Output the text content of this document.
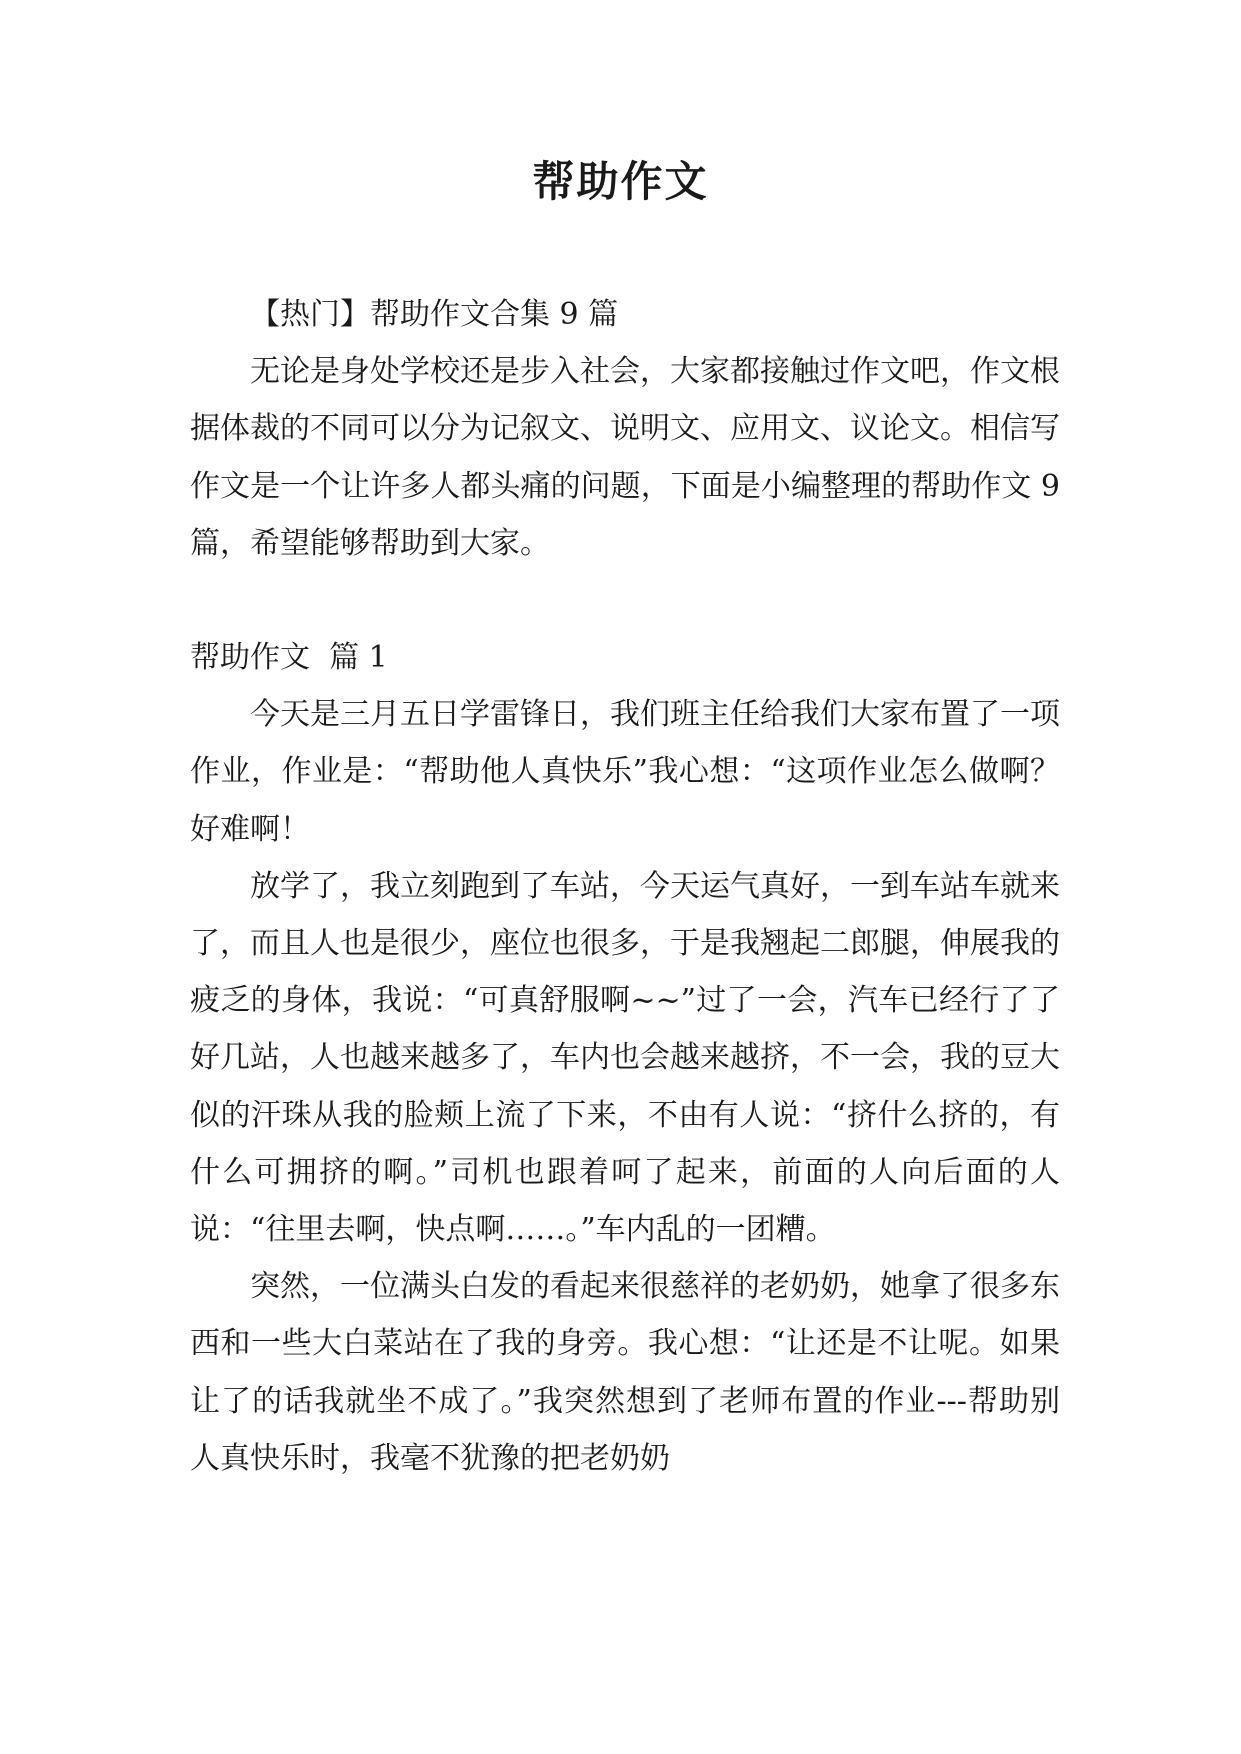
帮助作文

【热门】帮助作文合集 9 篇

无论是身处学校还是步入社会，大家都接触过作文吧，作文根据体裁的不同可以分为记叙文、说明文、应用文、议论文。相信写作文是一个让许多人都头痛的问题，下面是小编整理的帮助作文 9 篇，希望能够帮助到大家。

帮助作文  篇 1

今天是三月五日学雷锋日，我们班主任给我们大家布置了一项作业，作业是：“帮助他人真快乐”我心想：“这项作业怎么做啊？好难啊！

放学了，我立刻跑到了车站，今天运气真好，一到车站车就来了，而且人也是很少，座位也很多，于是我翘起二郎腿，伸展我的疲乏的身体，我说：“可真舒服啊~~”过了一会，汽车已经行了了好几站，人也越来越多了，车内也会越来越挤，不一会，我的豆大似的汗珠从我的脸颊上流了下来，不由有人说：“挤什么挤的，有什么可拥挤的啊。”司机也跟着呵了起来，前面的人向后面的人说：“往里去啊，快点啊……。”车内乱的一团糟。

突然，一位满头白发的看起来很慈祥的老奶奶，她拿了很多东西和一些大白菜站在了我的身旁。我心想：“让还是不让呢。如果让了的话我就坐不成了。”我突然想到了老师布置的作业---帮助别人真快乐时，我毫不犹豫的把老奶奶
